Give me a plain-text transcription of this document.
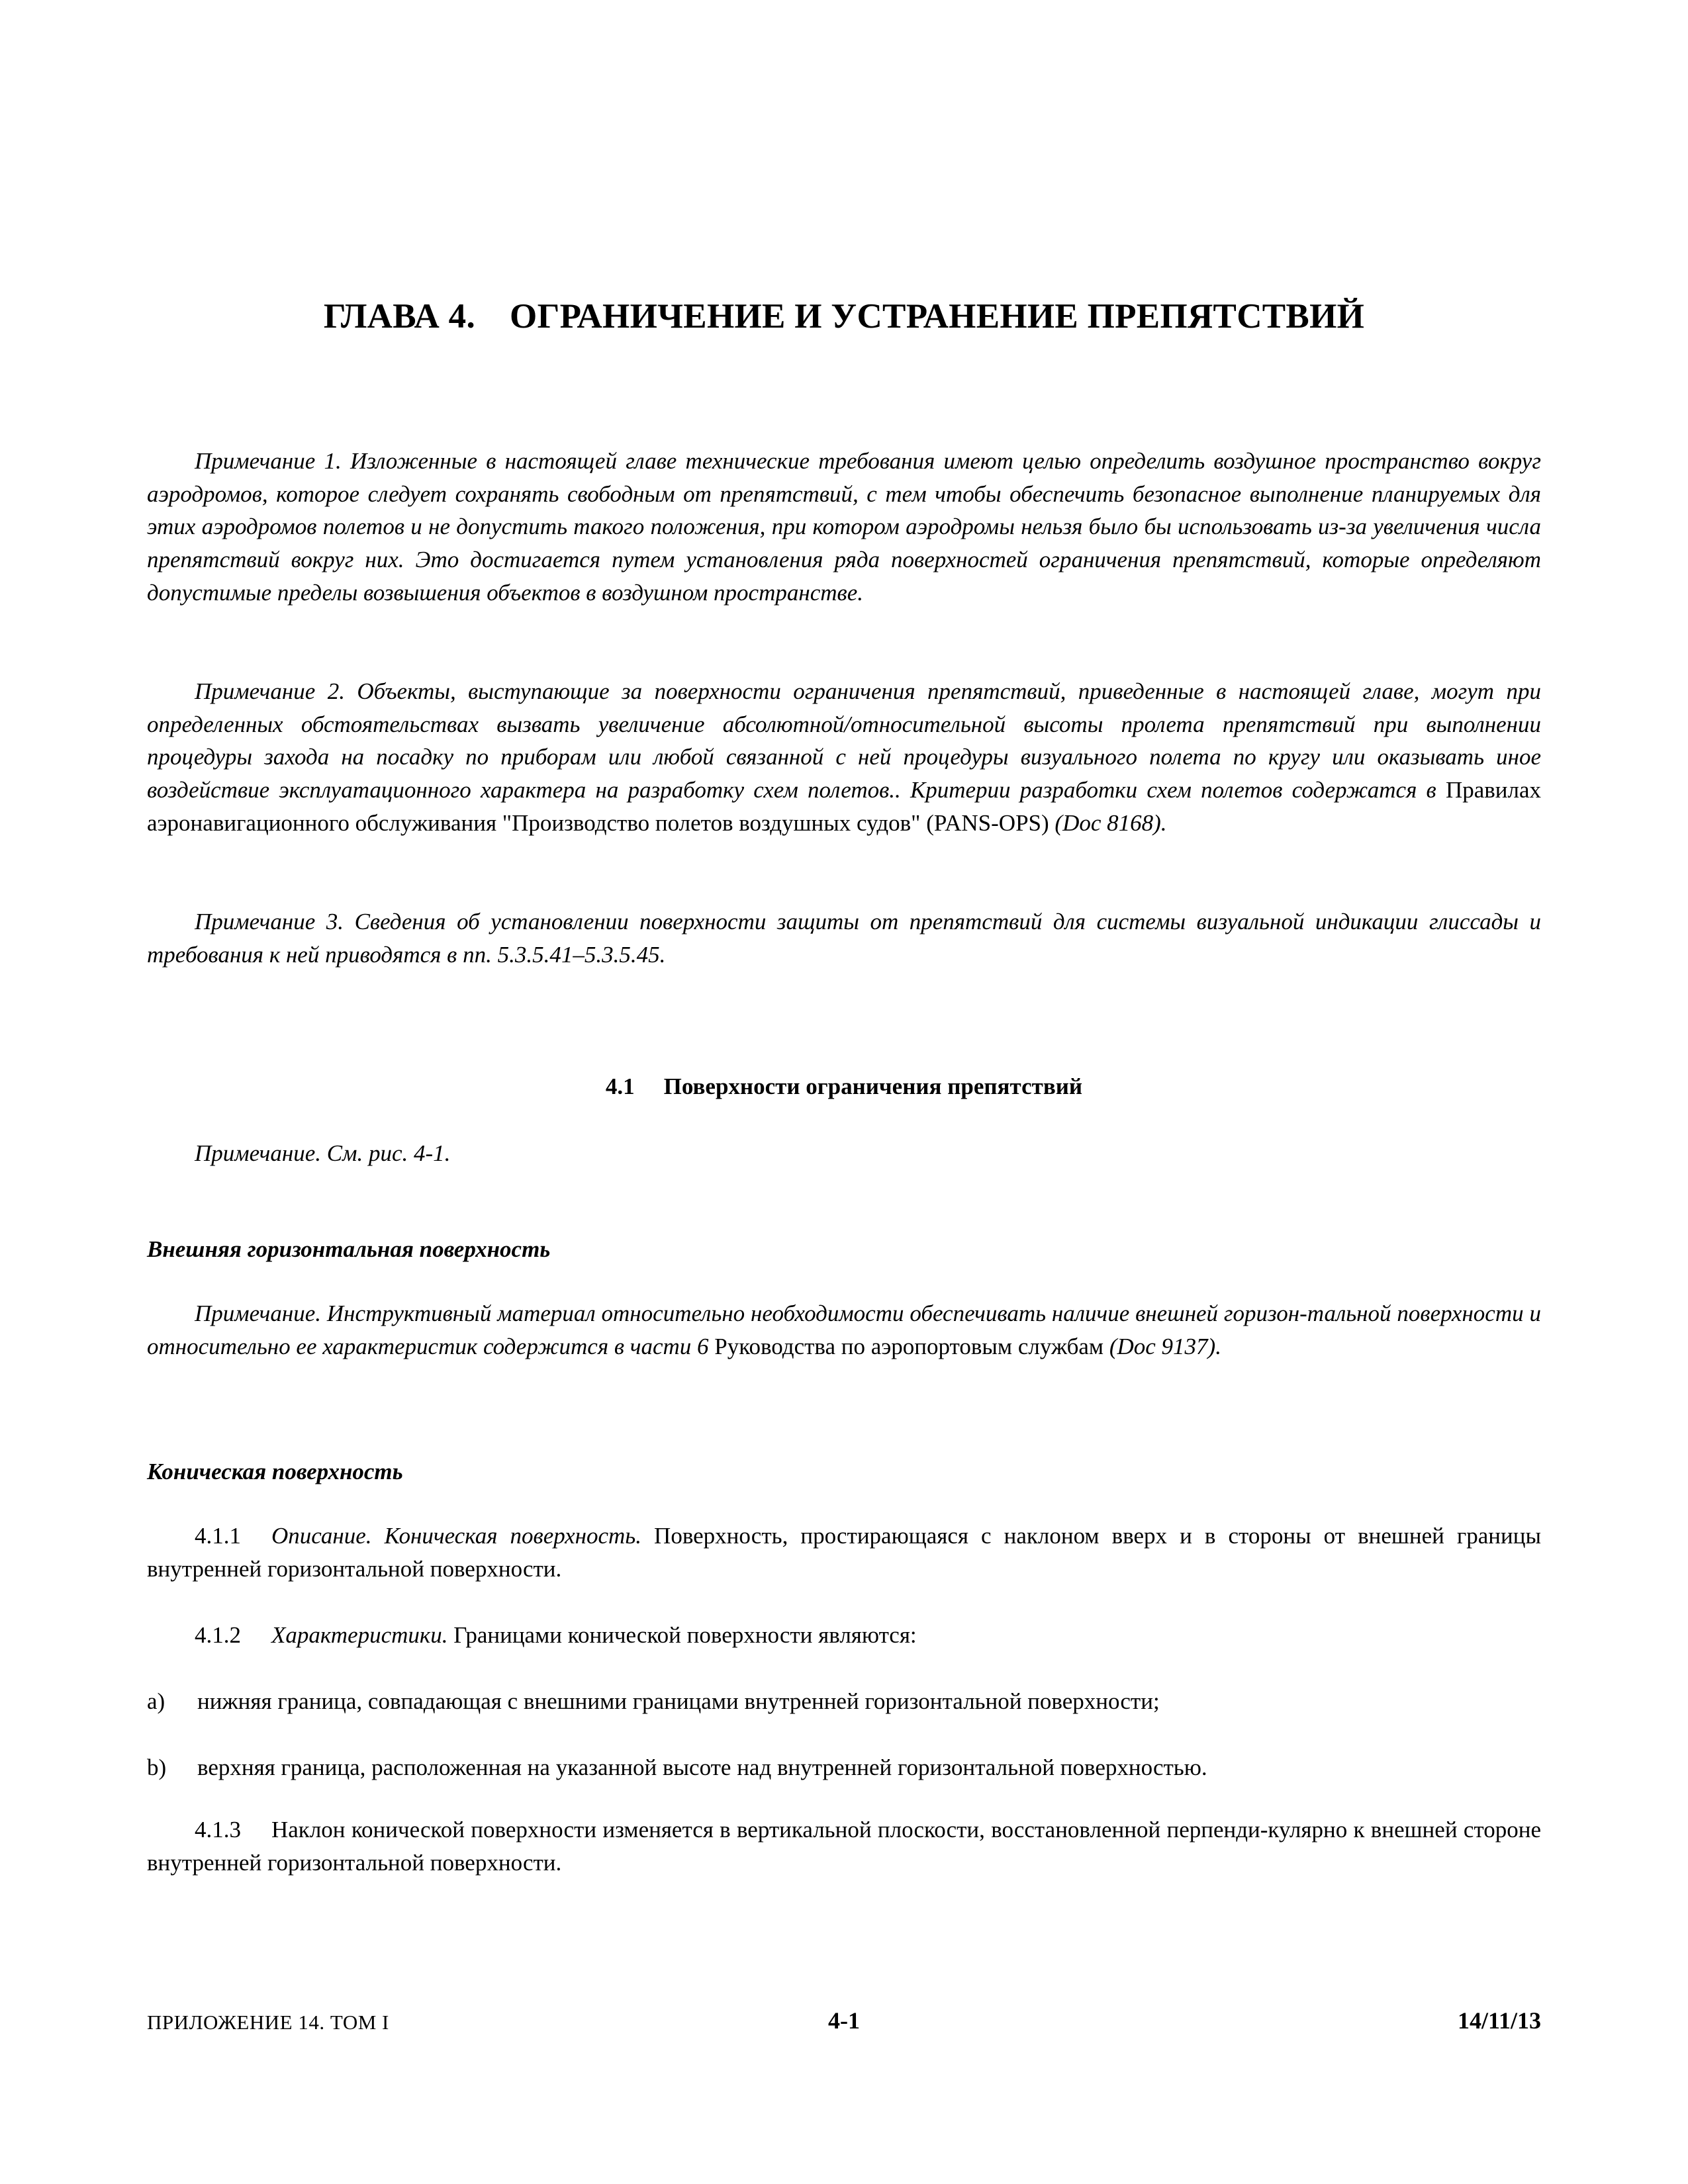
ГЛАВА 4. ОГРАНИЧЕНИЕ И УСТРАНЕНИЕ ПРЕПЯТСТВИЙ

Примечание 1. Изложенные в настоящей главе технические требования имеют целью определить воздушное пространство вокруг аэродромов, которое следует сохранять свободным от препятствий, с тем чтобы обеспечить безопасное выполнение планируемых для этих аэродромов полетов и не допустить такого положения, при котором аэродромы нельзя было бы использовать из-за увеличения числа препятствий вокруг них. Это достигается путем установления ряда поверхностей ограничения препятствий, которые определяют допустимые пределы возвышения объектов в воздушном пространстве.

Примечание 2. Объекты, выступающие за поверхности ограничения препятствий, приведенные в настоящей главе, могут при определенных обстоятельствах вызвать увеличение абсолютной/относительной высоты пролета препятствий при выполнении процедуры захода на посадку по приборам или любой связанной с ней процедуры визуального полета по кругу или оказывать иное воздействие эксплуатационного характера на разработку схем полетов.. Критерии разработки схем полетов содержатся в Правилах аэронавигационного обслуживания "Производство полетов воздушных судов" (PANS-OPS) (Doc 8168).

Примечание 3. Сведения об установлении поверхности защиты от препятствий для системы визуальной индикации глиссады и требования к ней приводятся в пп. 5.3.5.41–5.3.5.45.

4.1 Поверхности ограничения препятствий

Примечание. См. рис. 4-1.

Внешняя горизонтальная поверхность

Примечание. Инструктивный материал относительно необходимости обеспечивать наличие внешней горизон-тальной поверхности и относительно ее характеристик содержится в части 6 Руководства по аэропортовым службам (Doc 9137).

Коническая поверхность

4.1.1 Описание. Коническая поверхность. Поверхность, простирающаяся с наклоном вверх и в стороны от внешней границы внутренней горизонтальной поверхности.

4.1.2 Характеристики. Границами конической поверхности являются:

a) нижняя граница, совпадающая с внешними границами внутренней горизонтальной поверхности;

b) верхняя граница, расположенная на указанной высоте над внутренней горизонтальной поверхностью.

4.1.3 Наклон конической поверхности изменяется в вертикальной плоскости, восстановленной перпенди-кулярно к внешней стороне внутренней горизонтальной поверхности.

ПРИЛОЖЕНИЕ 14. ТОМ I	4-1	14/11/13
